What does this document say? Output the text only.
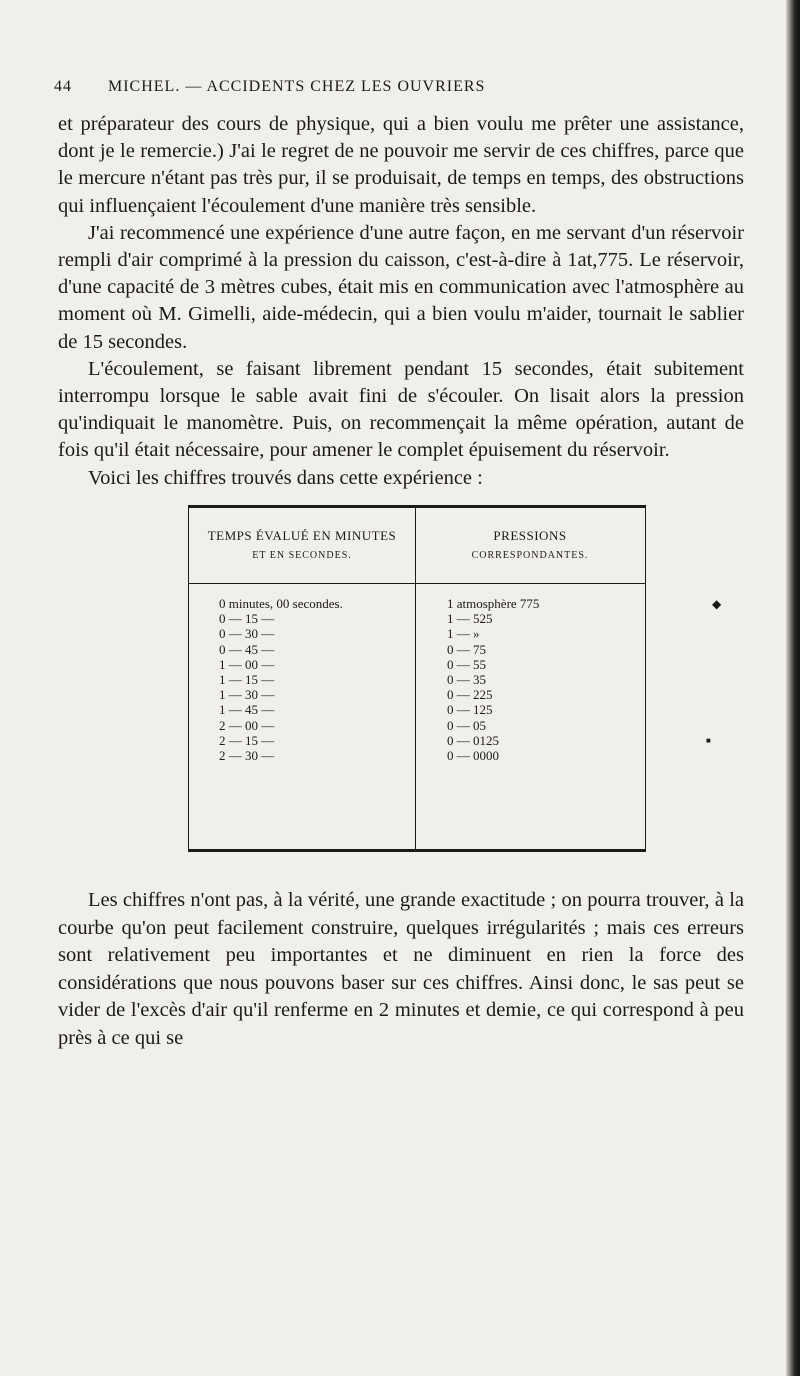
44 MICHEL. — ACCIDENTS CHEZ LES OUVRIERS

et préparateur des cours de physique, qui a bien voulu me prêter une assistance, dont je le remercie.) J'ai le regret de ne pouvoir me servir de ces chiffres, parce que le mercure n'étant pas très pur, il se produisait, de temps en temps, des obstructions qui influençaient l'écoulement d'une manière très sensible.

J'ai recommencé une expérience d'une autre façon, en me servant d'un réservoir rempli d'air comprimé à la pression du caisson, c'est-à-dire à 1at,775. Le réservoir, d'une capacité de 3 mètres cubes, était mis en communication avec l'atmosphère au moment où M. Gimelli, aide-médecin, qui a bien voulu m'aider, tournait le sablier de 15 secondes.

L'écoulement, se faisant librement pendant 15 secondes, était subitement interrompu lorsque le sable avait fini de s'écouler. On lisait alors la pression qu'indiquait le manomètre. Puis, on recommençait la même opération, autant de fois qu'il était nécessaire, pour amener le complet épuisement du réservoir.

Voici les chiffres trouvés dans cette expérience :

TEMPS ÉVALUÉ EN MINUTES
ET EN SECONDES.
PRESSIONS
CORRESPONDANTES.
0 minutes, 00 secondes.
0 — 15 —
0 — 30 —
0 — 45 —
1 — 00 —
1 — 15 —
1 — 30 —
1 — 45 —
2 — 00 —
2 — 15 —
2 — 30 —
1 atmosphère 775
1 — 525
1 — »
0 — 75
0 — 55
0 — 35
0 — 225
0 — 125
0 — 05
0 — 0125
0 — 0000
◆
■
Les chiffres n'ont pas, à la vérité, une grande exactitude ; on pourra trouver, à la courbe qu'on peut facilement construire, quelques irrégularités ; mais ces erreurs sont relativement peu importantes et ne diminuent en rien la force des considérations que nous pouvons baser sur ces chiffres. Ainsi donc, le sas peut se vider de l'excès d'air qu'il renferme en 2 minutes et demie, ce qui correspond à peu près à ce qui se
